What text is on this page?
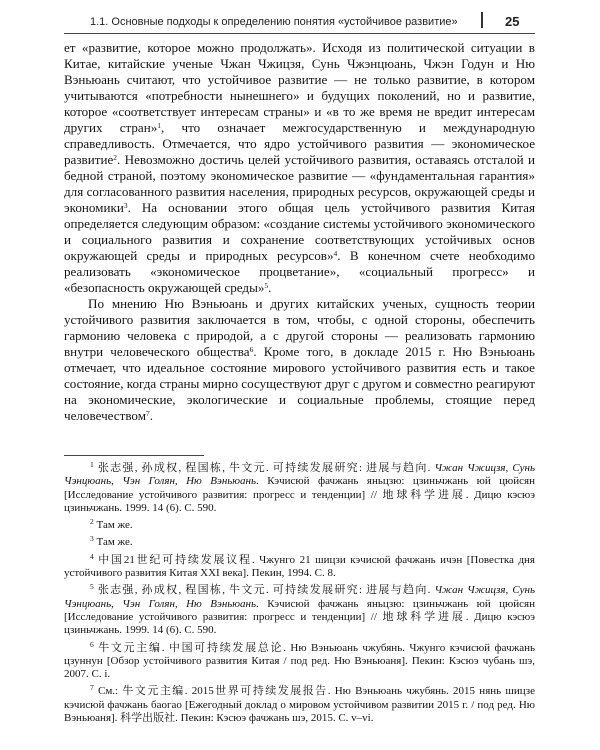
1.1. Основные подходы к определению понятия «устойчивое развитие»	25

ет «развитие, которое можно продолжать». Исходя из политической ситуации в Китае, китайские ученые Чжан Чжицзя, Сунь Чжэнцюань, Чжэн Годун и Ню Вэньюань считают, что устойчивое развитие — не только развитие, в котором учитываются «потребности нынешнего» и будущих поколений, но и развитие, которое «соответствует интересам страны» и «в то же время не вредит интересам других стран»$^1$, что означает межгосударственную и международную справедливость. Отмечается, что ядро устойчивого развития — экономическое развитие$^2$. Невозможно достичь целей устойчивого развития, оставаясь отсталой и бедной страной, поэтому экономическое развитие — «фундаментальная гарантия» для согласованного развития населения, природных ресурсов, окружающей среды и экономики$^3$. На основании этого общая цель устойчивого развития Китая определяется следующим образом: «создание системы устойчивого экономического и социального развития и сохранение соответствующих устойчивых основ окружающей среды и природных ресурсов»$^4$. В конечном счете необходимо реализовать «экономическое процветание», «социальный прогресс» и «безопасность окружающей среды»$^5$.

По мнению Ню Вэньюань и других китайских ученых, сущность теории устойчивого развития заключается в том, чтобы, с одной стороны, обеспечить гармонию человека с природой, а с другой стороны — реализовать гармонию внутри человеческого общества$^6$. Кроме того, в докладе 2015 г. Ню Вэньюань отмечает, что идеальное состояние мирового устойчивого развития есть и такое состояние, когда страны мирно сосуществуют друг с другом и совместно реагируют на экономические, экологические и социальные проблемы, стоящие перед человечеством$^7$.

$^1$ 张志强, 孙成权, 程国栋, 牛文元. 可持续发展研究: 进展与趋向. Чжан Чжицзя, Сунь Чэнцюань, Чэн Голян, Ню Вэньюань. Кэчисюй фачжань яньцзю: цзиньчжань юй цюйсян [Исследование устойчивого развития: прогресс и тенденции] // 地球科学进展. Дицю кэсюэ цзиньчжань. 1999. 14 (6). С. 590.

$^2$ Там же.

$^3$ Там же.

$^4$ 中国21世纪可持续发展议程. Чжунго 21 шицзи кэчисюй фачжань ичэн [Повестка дня устойчивого развития Китая XXI века]. Пекин, 1994. С. 8.

$^5$ 张志强, 孙成权, 程国栋, 牛文元. 可持续发展研究: 进展与趋向. Чжан Чжицзя, Сунь Чэнцюань, Чэн Голян, Ню Вэньюань. Кэчисюй фачжань яньцзю: цзиньчжань юй цюйсян [Исследование устойчивого развития: прогресс и тенденции] // 地球科学进展. Дицю кэсюэ цзиньчжань. 1999. 14 (6). С. 590.

$^6$ 牛文元主编. 中国可持续发展总论. Ню Вэньюань чжубянь. Чжунго кэчисюй фачжань цзуннун [Обзор устойчивого развития Китая / под ред. Ню Вэньюаня]. Пекин: Кэсюэ чубань шэ, 2007. С. i.

$^7$ См.: 牛文元主编. 2015世界可持续发展报告. Ню Вэньюань чжубянь. 2015 нянь шицзе кэчисюй фачжань баогао [Ежегодный доклад о мировом устойчивом развитии 2015 г. / под ред. Ню Вэньюаня]. 科学出版社. Пекин: Кэсюэ фачжань шэ, 2015. С. v–vi.
